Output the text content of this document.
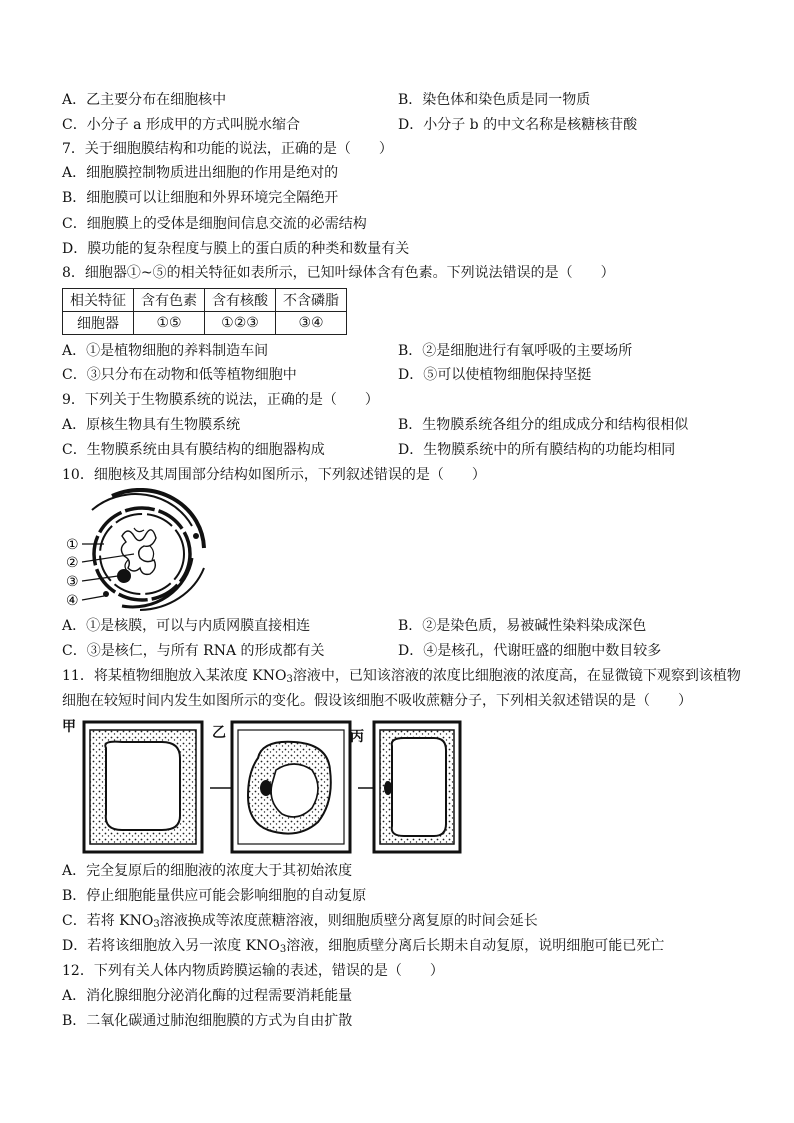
A．乙主要分布在细胞核中	B．染色体和染色质是同一物质
C．小分子 a 形成甲的方式叫脱水缩合	D．小分子 b 的中文名称是核糖核苷酸
7．关于细胞膜结构和功能的说法，正确的是（　　）
A．细胞膜控制物质进出细胞的作用是绝对的
B．细胞膜可以让细胞和外界环境完全隔绝开
C．细胞膜上的受体是细胞间信息交流的必需结构
D．膜功能的复杂程度与膜上的蛋白质的种类和数量有关
8．细胞器①~⑤的相关特征如表所示，已知叶绿体含有色素。下列说法错误的是（　　）
相关特征	含有色素	含有核酸	不含磷脂
细胞器	①⑤	①②③	③④
A．①是植物细胞的养料制造车间	B．②是细胞进行有氧呼吸的主要场所
C．③只分布在动物和低等植物细胞中	D．⑤可以使植物细胞保持坚挺
9．下列关于生物膜系统的说法，正确的是（　　）
A．原核生物具有生物膜系统	B．生物膜系统各组分的组成成分和结构很相似
C．生物膜系统由具有膜结构的细胞器构成	D．生物膜系统中的所有膜结构的功能均相同
10．细胞核及其周围部分结构如图所示，下列叙述错误的是（　　）
①
②
③
④
A．①是核膜，可以与内质网膜直接相连	B．②是染色质，易被碱性染料染成深色
C．③是核仁，与所有 RNA 的形成都有关	D．④是核孔，代谢旺盛的细胞中数目较多
11．将某植物细胞放入某浓度 $KNO_3$溶液中，已知该溶液的浓度比细胞液的浓度高，在显微镜下观察到该植物
细胞在较短时间内发生如图所示的变化。假设该细胞不吸收蔗糖分子，下列相关叙述错误的是（　　）
甲	乙	丙
A．完全复原后的细胞液的浓度大于其初始浓度
B．停止细胞能量供应可能会影响细胞的自动复原
C．若将 $KNO_3$溶液换成等浓度蔗糖溶液，则细胞质壁分离复原的时间会延长
D．若将该细胞放入另一浓度 $KNO_3$溶液，细胞质壁分离后长期未自动复原，说明细胞可能已死亡
12．下列有关人体内物质跨膜运输的表述，错误的是（　　）
A．消化腺细胞分泌消化酶的过程需要消耗能量
B．二氧化碳通过肺泡细胞膜的方式为自由扩散
